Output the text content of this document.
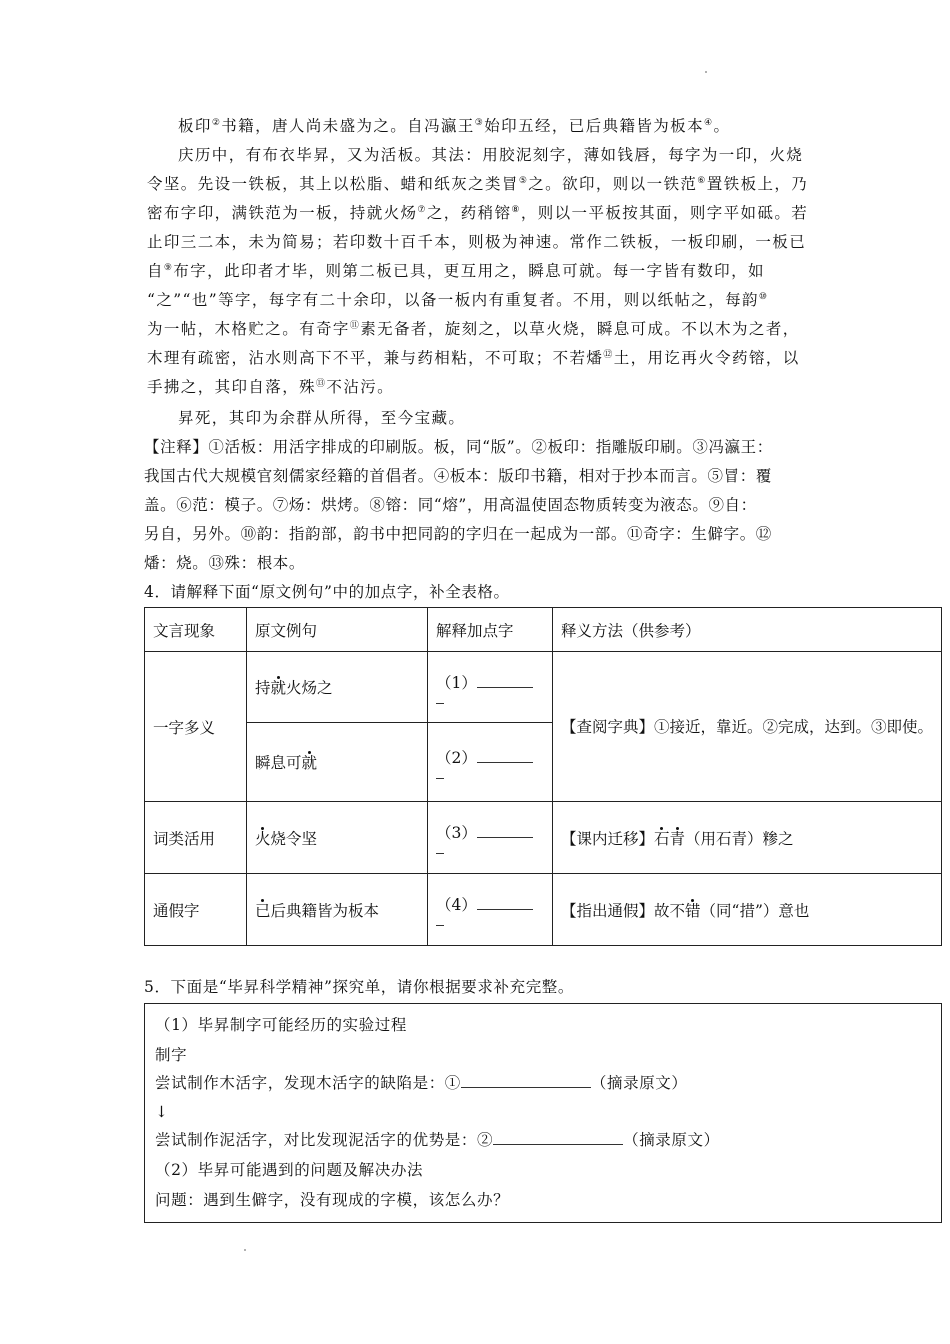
板印②书籍，唐人尚未盛为之。自冯瀛王③始印五经，已后典籍皆为板本④。
庆历中，有布衣毕昇，又为活板。其法：用胶泥刻字，薄如钱唇，每字为一印，火烧
令坚。先设一铁板，其上以松脂、蜡和纸灰之类冒⑤之。欲印，则以一铁范⑥置铁板上，乃
密布字印，满铁范为一板，持就火炀⑦之，药稍镕⑧，则以一平板按其面，则字平如砥。若
止印三二本，未为简易；若印数十百千本，则极为神速。常作二铁板，一板印刷，一板已
自⑨布字，此印者才毕，则第二板已具，更互用之，瞬息可就。每一字皆有数印，如
“之”“也”等字，每字有二十余印，以备一板内有重复者。不用，则以纸帖之，每韵⑩
为一帖，木格贮之。有奇字⑪素无备者，旋刻之，以草火烧，瞬息可成。不以木为之者，
木理有疏密，沾水则高下不平，兼与药相粘，不可取；不若燔⑫土，用讫再火令药镕，以
手拂之，其印自落，殊⑬不沾污。
昇死，其印为余群从所得，至今宝藏。
【注释】①活板：用活字排成的印刷版。板，同“版”。②板印：指雕版印刷。③冯瀛王：
我国古代大规模官刻儒家经籍的首倡者。④板本：版印书籍，相对于抄本而言。⑤冒：覆
盖。⑥范：模子。⑦炀：烘烤。⑧镕：同“熔”，用高温使固态物质转变为液态。⑨自：
另自，另外。⑩韵：指韵部，韵书中把同韵的字归在一起成为一部。⑪奇字：生僻字。⑫
燔：烧。⑬殊：根本。
4．请解释下面“原文例句”中的加点字，补全表格。
文言现象	原文例句	解释加点字	释义方法（供参考）
一字多义	持就火炀之	（1）	【查阅字典】①接近，靠近。②完成，达到。③即使。
	瞬息可就	（2）	

词类活用	火烧令坚	（3）	【课内迁移】石青（用石青）糁之
通假字	已后典籍皆为板本	（4）	【指出通假】故不错（同“措”）意也
5．下面是“毕昇科学精神”探究单，请你根据要求补充完整。
（1）毕昇制字可能经历的实验过程
制字
尝试制作木活字，发现木活字的缺陷是：①	（摘录原文）
↓
尝试制作泥活字，对比发现泥活字的优势是：②	（摘录原文）
（2）毕昇可能遇到的问题及解决办法
问题：遇到生僻字，没有现成的字模，该怎么办？
